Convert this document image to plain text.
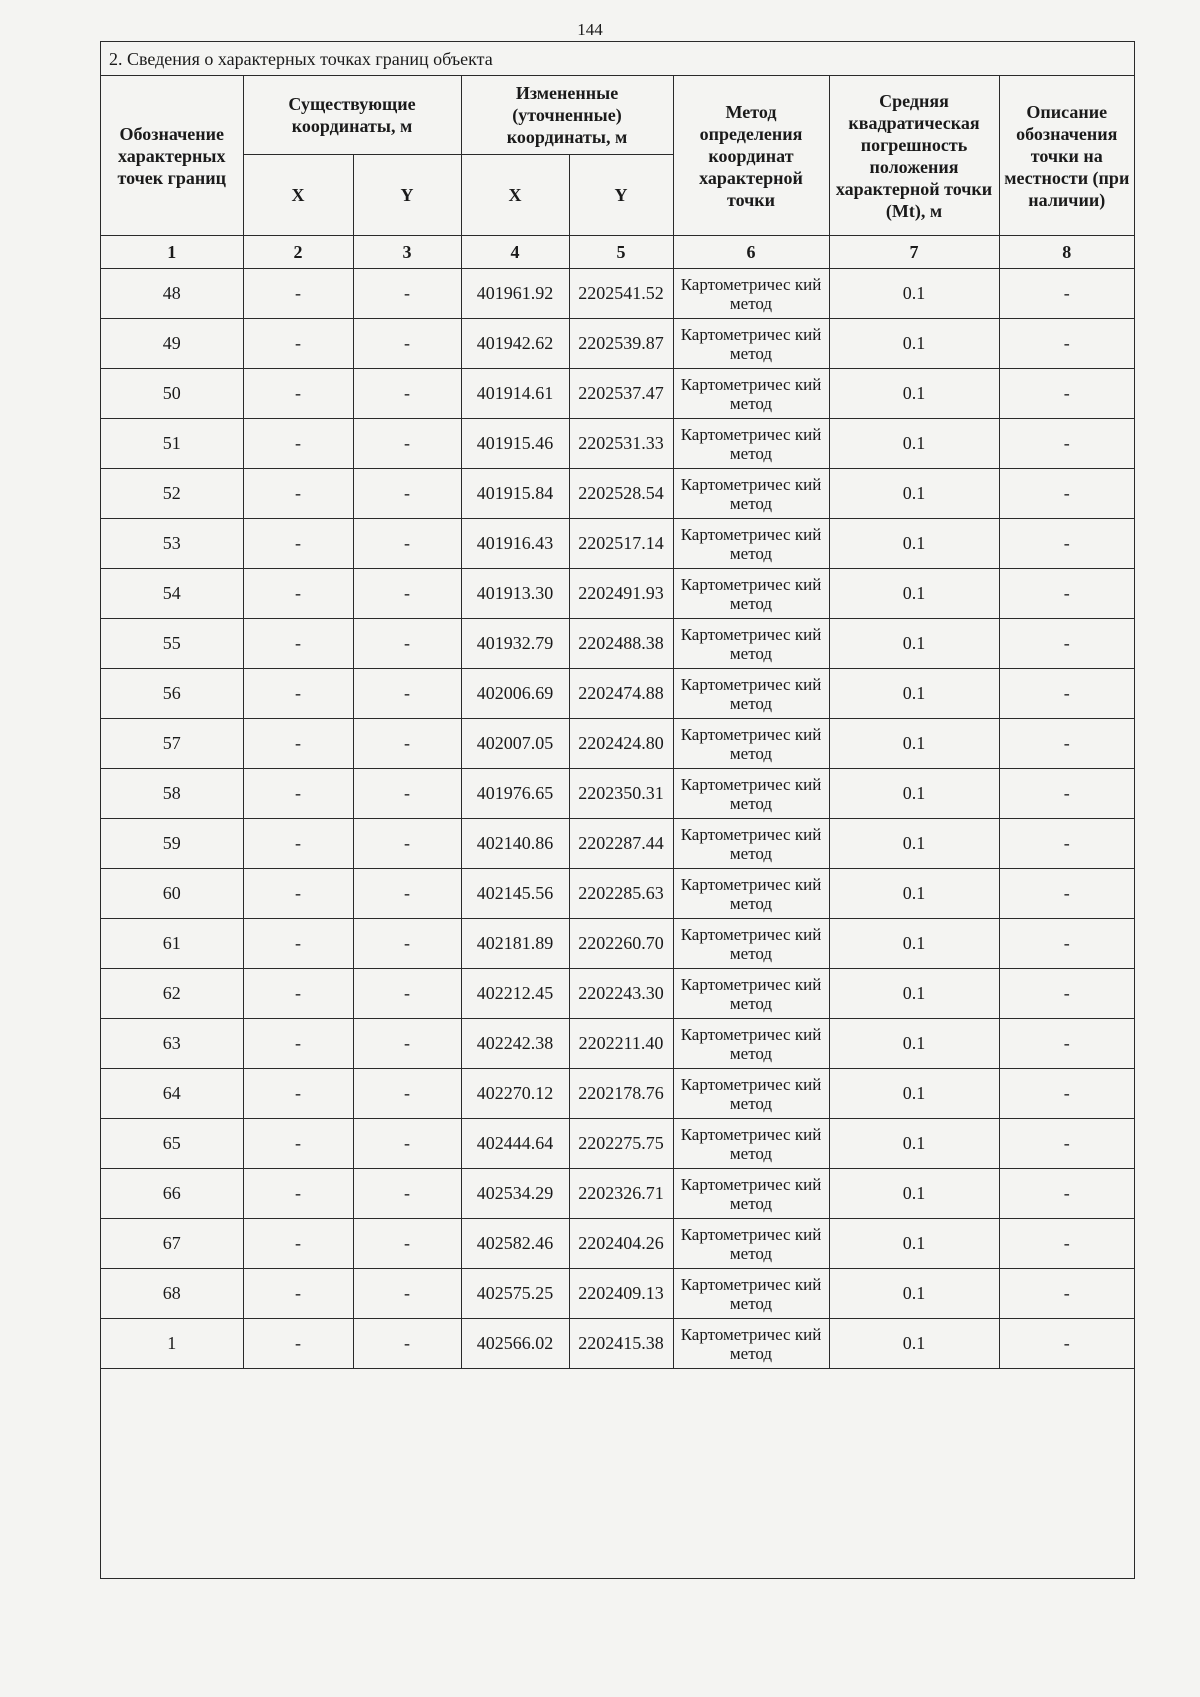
144
2. Сведения о характерных точках границ объекта
Обозначение характерных точек границ	Существующие координаты, м		Измененные (уточненные) координаты, м		Метод определения координат характерной точки	Средняя квадратическая погрешность положения характерной точки (Mt), м	Описание обозначения точки на местности (при наличии)
	X	Y	X	Y			
1	2	3	4	5	6	7	8
48	-	-	401961.92	2202541.52	Картометричес кий метод	0.1	-
49	-	-	401942.62	2202539.87	Картометричес кий метод	0.1	-
50	-	-	401914.61	2202537.47	Картометричес кий метод	0.1	-
51	-	-	401915.46	2202531.33	Картометричес кий метод	0.1	-
52	-	-	401915.84	2202528.54	Картометричес кий метод	0.1	-
53	-	-	401916.43	2202517.14	Картометричес кий метод	0.1	-
54	-	-	401913.30	2202491.93	Картометричес кий метод	0.1	-
55	-	-	401932.79	2202488.38	Картометричес кий метод	0.1	-
56	-	-	402006.69	2202474.88	Картометричес кий метод	0.1	-
57	-	-	402007.05	2202424.80	Картометричес кий метод	0.1	-
58	-	-	401976.65	2202350.31	Картометричес кий метод	0.1	-
59	-	-	402140.86	2202287.44	Картометричес кий метод	0.1	-
60	-	-	402145.56	2202285.63	Картометричес кий метод	0.1	-
61	-	-	402181.89	2202260.70	Картометричес кий метод	0.1	-
62	-	-	402212.45	2202243.30	Картометричес кий метод	0.1	-
63	-	-	402242.38	2202211.40	Картометричес кий метод	0.1	-
64	-	-	402270.12	2202178.76	Картометричес кий метод	0.1	-
65	-	-	402444.64	2202275.75	Картометричес кий метод	0.1	-
66	-	-	402534.29	2202326.71	Картометричес кий метод	0.1	-
67	-	-	402582.46	2202404.26	Картометричес кий метод	0.1	-
68	-	-	402575.25	2202409.13	Картометричес кий метод	0.1	-
1	-	-	402566.02	2202415.38	Картометричес кий метод	0.1	-
